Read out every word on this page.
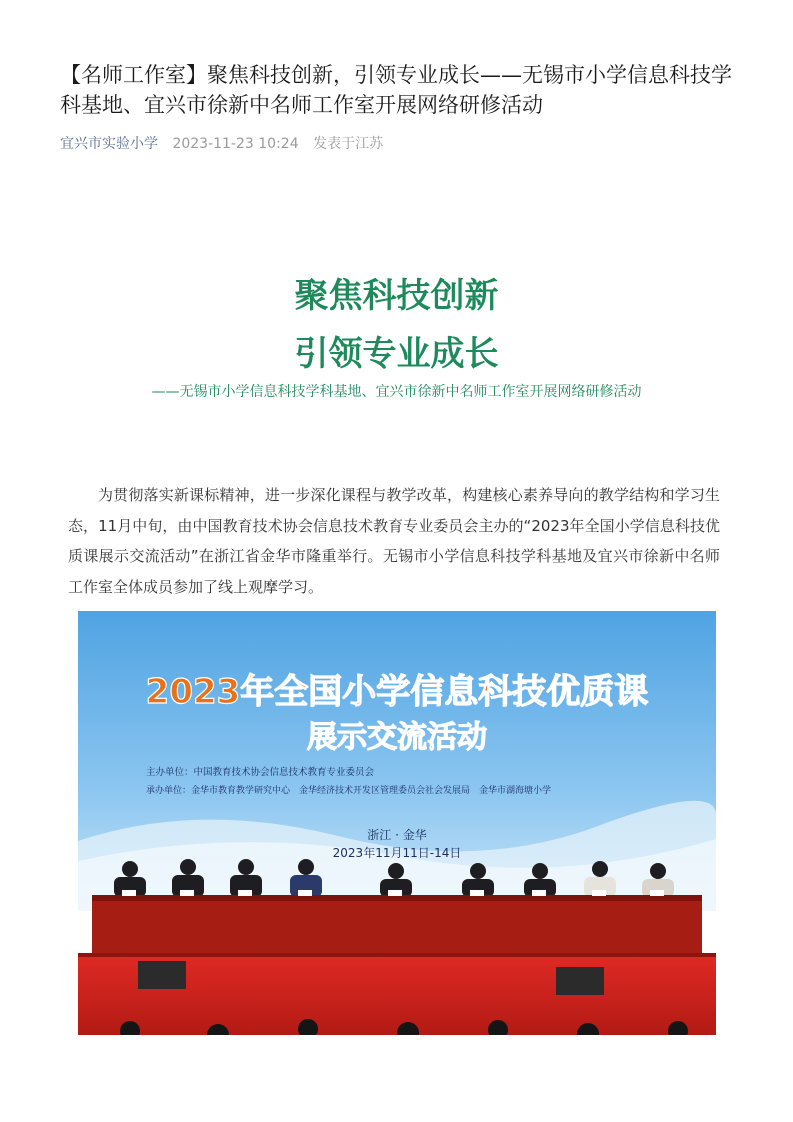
【名师工作室】聚焦科技创新，引领专业成长——无锡市小学信息科技学科基地、宜兴市徐新中名师工作室开展网络研修活动
宜兴市实验小学 2023-11-23 10:24 发表于江苏
聚焦科技创新
引领专业成长
——无锡市小学信息科技学科基地、宜兴市徐新中名师工作室开展网络研修活动

为贯彻落实新课标精神，进一步深化课程与教学改革，构建核心素养导向的教学结构和学习生态，11月中旬，由中国教育技术协会信息技术教育专业委员会主办的“2023年全国小学信息科技优质课展示交流活动”在浙江省金华市隆重举行。无锡市小学信息科技学科基地及宜兴市徐新中名师工作室全体成员参加了线上观摩学习。

2023年全国小学信息科技优质课
展示交流活动
主办单位：中国教育技术协会信息技术教育专业委员会
承办单位：金华市教育教学研究中心　金华经济技术开发区管理委员会社会发展局　金华市湖海塘小学
浙江 · 金华
2023年11月11日-14日
